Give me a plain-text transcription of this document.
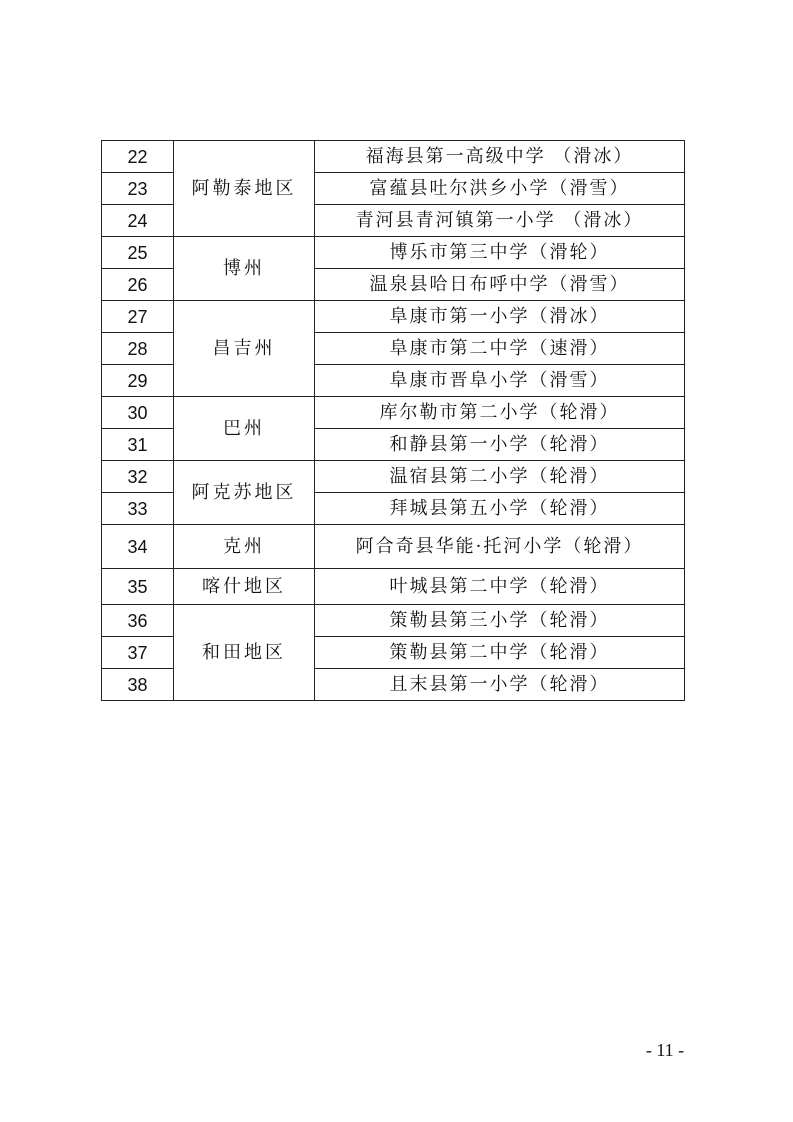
22	阿勒泰地区	福海县第一高级中学 （滑冰）
23		富蕴县吐尔洪乡小学（滑雪）
24		青河县青河镇第一小学 （滑冰）
25	博州	博乐市第三中学（滑轮）
26		温泉县哈日布呼中学（滑雪）
27	昌吉州	阜康市第一小学（滑冰）
28		阜康市第二中学（速滑）
29		阜康市晋阜小学（滑雪）
30	巴州	库尔勒市第二小学（轮滑）
31		和静县第一小学（轮滑）
32	阿克苏地区	温宿县第二小学（轮滑）
33		拜城县第五小学（轮滑）
34	克州	阿合奇县华能·托河小学（轮滑）
35	喀什地区	叶城县第二中学（轮滑）
36	和田地区	策勒县第三小学（轮滑）
37		策勒县第二中学（轮滑）
38		且末县第一小学（轮滑）
- 11 -
